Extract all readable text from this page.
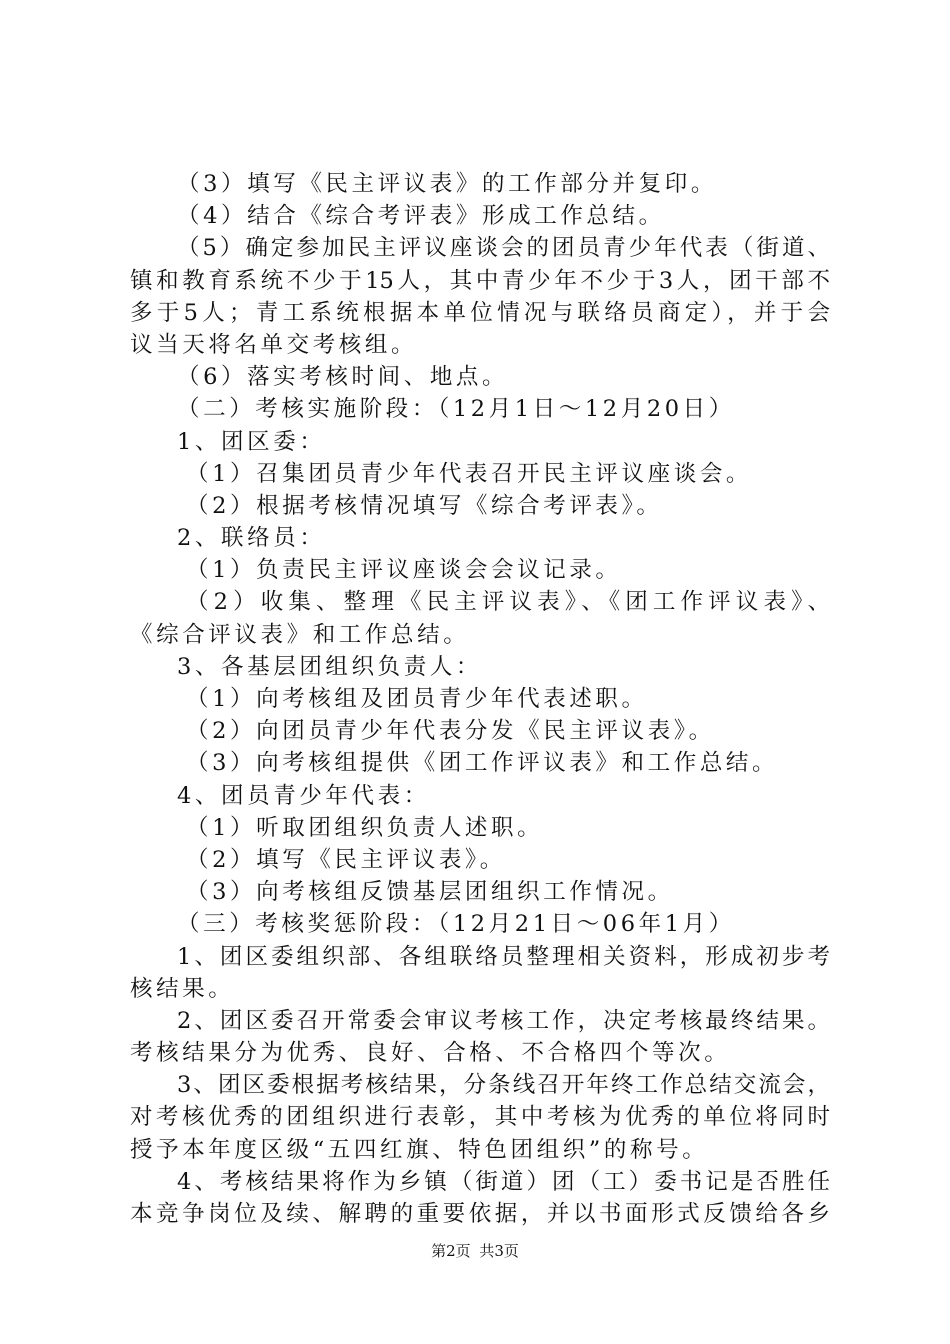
（3）填写《民主评议表》的工作部分并复印。
（4）结合《综合考评表》形成工作总结。
（5）确定参加民主评议座谈会的团员青少年代表（街道、
镇和教育系统不少于15人，其中青少年不少于3人，团干部不
多于5人；青工系统根据本单位情况与联络员商定），并于会
议当天将名单交考核组。
（6）落实考核时间、地点。
（二）考核实施阶段：（12月1日～12月20日）
1、团区委：
（1）召集团员青少年代表召开民主评议座谈会。
（2）根据考核情况填写《综合考评表》。
2、联络员：
（1）负责民主评议座谈会会议记录。
（2）收集、整理《民主评议表》、《团工作评议表》、
《综合评议表》和工作总结。
3、各基层团组织负责人：
（1）向考核组及团员青少年代表述职。
（2）向团员青少年代表分发《民主评议表》。
（3）向考核组提供《团工作评议表》和工作总结。
4、团员青少年代表：
（1）听取团组织负责人述职。
（2）填写《民主评议表》。
（3）向考核组反馈基层团组织工作情况。
（三）考核奖惩阶段：（12月21日～06年1月）
1、团区委组织部、各组联络员整理相关资料，形成初步考
核结果。
2、团区委召开常委会审议考核工作，决定考核最终结果。
考核结果分为优秀、良好、合格、不合格四个等次。
3、团区委根据考核结果，分条线召开年终工作总结交流会，
对考核优秀的团组织进行表彰，其中考核为优秀的单位将同时
授予本年度区级“五四红旗、特色团组织”的称号。
4、考核结果将作为乡镇（街道）团（工）委书记是否胜任
本竞争岗位及续、解聘的重要依据，并以书面形式反馈给各乡
第2页 共3页
